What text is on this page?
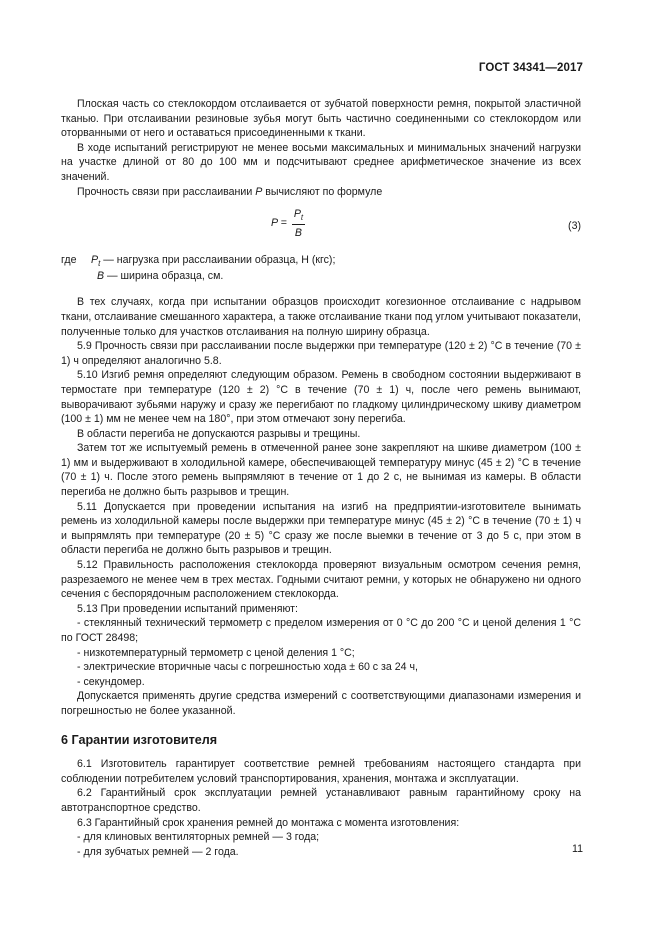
ГОСТ 34341—2017

Плоская часть со стеклокордом отслаивается от зубчатой поверхности ремня, покрытой эластичной тканью. При отслаивании резиновые зубья могут быть частично соединенными со стеклокордом или оторванными от него и оставаться присоединенными к ткани.

В ходе испытаний регистрируют не менее восьми максимальных и минимальных значений нагрузки на участке длиной от 80 до 100 мм и подсчитывают среднее арифметическое значение из всех значений.

Прочность связи при расслаивании P вычисляют по формуле

$P = \frac{P_t}{B}$	(3)
где	$P_t$ — нагрузка при расслаивании образца, Н (кгс);
B — ширина образца, см.

В тех случаях, когда при испытании образцов происходит когезионное отслаивание с надрывом ткани, отслаивание смешанного характера, а также отслаивание ткани под углом учитывают показатели, полученные только для участков отслаивания на полную ширину образца.

5.9 Прочность связи при расслаивании после выдержки при температуре (120 ± 2) °С в течение (70 ± 1) ч определяют аналогично 5.8.

5.10 Изгиб ремня определяют следующим образом. Ремень в свободном состоянии выдерживают в термостате при температуре (120 ± 2) °С в течение (70 ± 1) ч, после чего ремень вынимают, выворачивают зубьями наружу и сразу же перегибают по гладкому цилиндрическому шкиву диаметром (100 ± 1) мм не менее чем на 180°, при этом отмечают зону перегиба.

В области перегиба не допускаются разрывы и трещины.

Затем тот же испытуемый ремень в отмеченной ранее зоне закрепляют на шкиве диаметром (100 ± 1) мм и выдерживают в холодильной камере, обеспечивающей температуру минус (45 ± 2) °С в течение (70 ± 1) ч. После этого ремень выпрямляют в течение от 1 до 2 с, не вынимая из камеры. В области перегиба не должно быть разрывов и трещин.

5.11 Допускается при проведении испытания на изгиб на предприятии-изготовителе вынимать ремень из холодильной камеры после выдержки при температуре минус (45 ± 2) °С в течение (70 ± 1) ч и выпрямлять при температуре (20 ± 5) °С сразу же после выемки в течение от 3 до 5 с, при этом в области перегиба не должно быть разрывов и трещин.

5.12 Правильность расположения стеклокорда проверяют визуальным осмотром сечения ремня, разрезаемого не менее чем в трех местах. Годными считают ремни, у которых не обнаружено ни одного сечения с беспорядочным расположением стеклокорда.

5.13 При проведении испытаний применяют:

- стеклянный технический термометр с пределом измерения от 0 °С до 200 °С и ценой деления 1 °С по ГОСТ 28498;

- низкотемпературный термометр с ценой деления 1 °С;

- электрические вторичные часы с погрешностью хода ± 60 с за 24 ч,

- секундомер.

Допускается применять другие средства измерений с соответствующими диапазонами измерения и погрешностью не более указанной.

6 Гарантии изготовителя

6.1 Изготовитель гарантирует соответствие ремней требованиям настоящего стандарта при соблюдении потребителем условий транспортирования, хранения, монтажа и эксплуатации.

6.2 Гарантийный срок эксплуатации ремней устанавливают равным гарантийному сроку на автотранспортное средство.

6.3 Гарантийный срок хранения ремней до монтажа с момента изготовления:

- для клиновых вентиляторных ремней — 3 года;

- для зубчатых ремней — 2 года.	11
